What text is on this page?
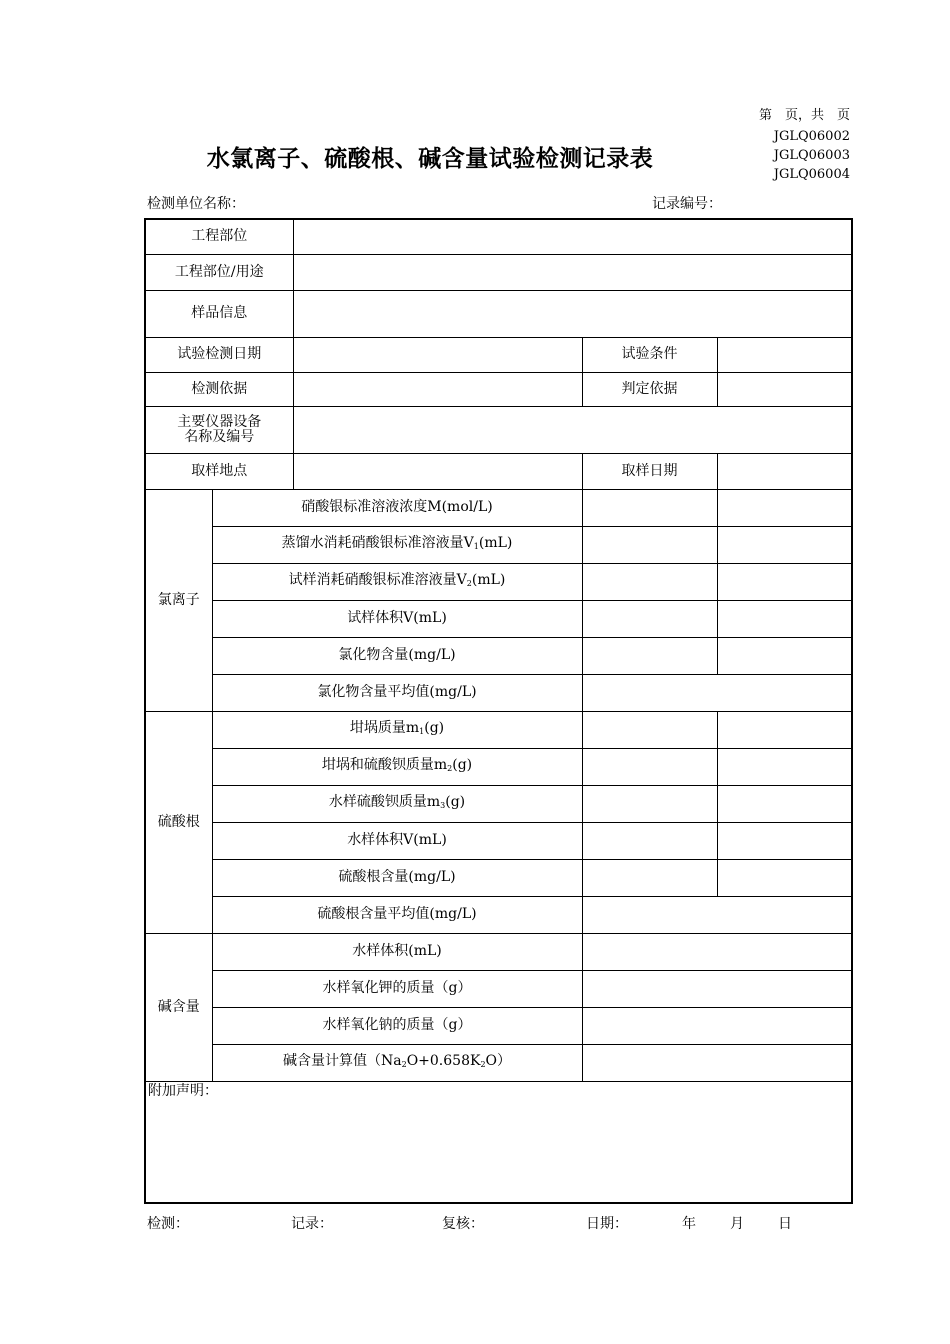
第　页，共　页
JGLQ06002
JGLQ06003
JGLQ06004
水氯离子、硫酸根、碱含量试验检测记录表
检测单位名称：	记录编号：
工程部位				
工程部位/用途				
样品信息				
试验检测日期			试验条件	
检测依据			判定依据	

主要仪器设备
名称及编号				

取样地点			取样日期	
氯离子	硝酸银标准溶液浓度M(mol/L)			
	蒸馏水消耗硝酸银标准溶液量$V_1(mL)$			
	试样消耗硝酸银标准溶液量$V_2(mL)$			
	试样体积V(mL)			
	氯化物含量(mg/L)			
	氯化物含量平均值(mg/L)			
硫酸根	坩埚质量$m_1(g)$			
	坩埚和硫酸钡质量$m_2(g)$			
	水样硫酸钡质量$m_3(g)$			
	水样体积V(mL)			
	硫酸根含量(mg/L)			
	硫酸根含量平均值(mg/L)			
碱含量	水样体积(mL)			
	水样氧化钾的质量（g）			
	水样氧化钠的质量（g）			
	碱含量计算值$(Na_2O+0.658K_2O)$			
附加声明：				
检测：	记录：	复核：	日期：	年 月 日
